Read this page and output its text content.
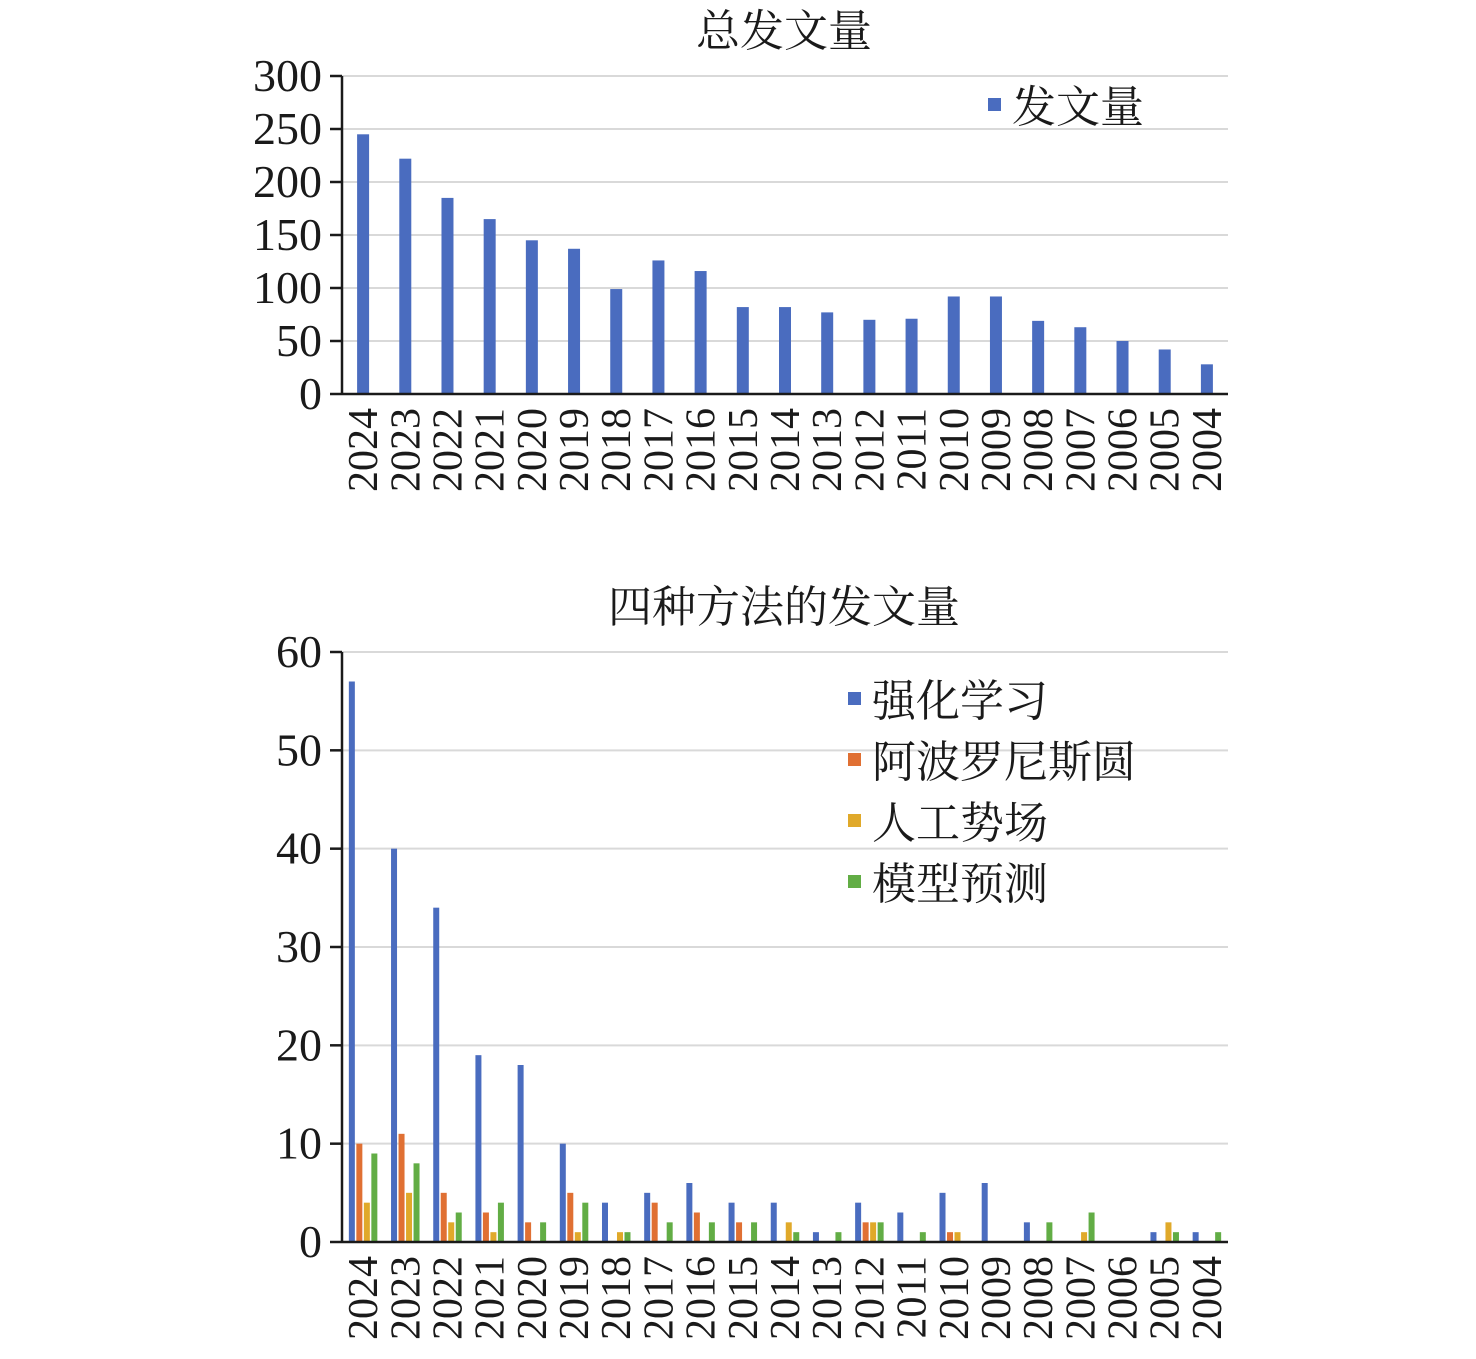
总发文量
0
50
100
150
200
250
300
2024
2023
2022
2021
2020
2019
2018
2017
2016
2015
2014
2013
2012
2011
2010
2009
2008
2007
2006
2005
2004
发文量
四种方法的发文量
0
10
20
30
40
50
60
2024
2023
2022
2021
2020
2019
2018
2017
2016
2015
2014
2013
2012
2011
2010
2009
2008
2007
2006
2005
2004
强化学习
阿波罗尼斯圆
人工势场
模型预测
